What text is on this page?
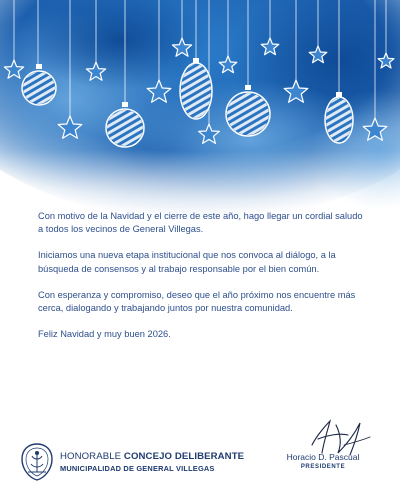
Con motivo de la Navidad y el cierre de este año, hago llegar un cordial saludo a todos los vecinos de General Villegas.

Iniciamos una nueva etapa institucional que nos convoca al diálogo, a la búsqueda de consensos y al trabajo responsable por el bien común.

Con esperanza y compromiso, deseo que el año próximo nos encuentre más cerca, dialogando y trabajando juntos por nuestra comunidad.

Feliz Navidad y muy buen 2026.

HONORABLE CONCEJO DELIBERANTE
MUNICIPALIDAD DE GENERAL VILLEGAS
Horacio D. Pascual
PRESIDENTE
